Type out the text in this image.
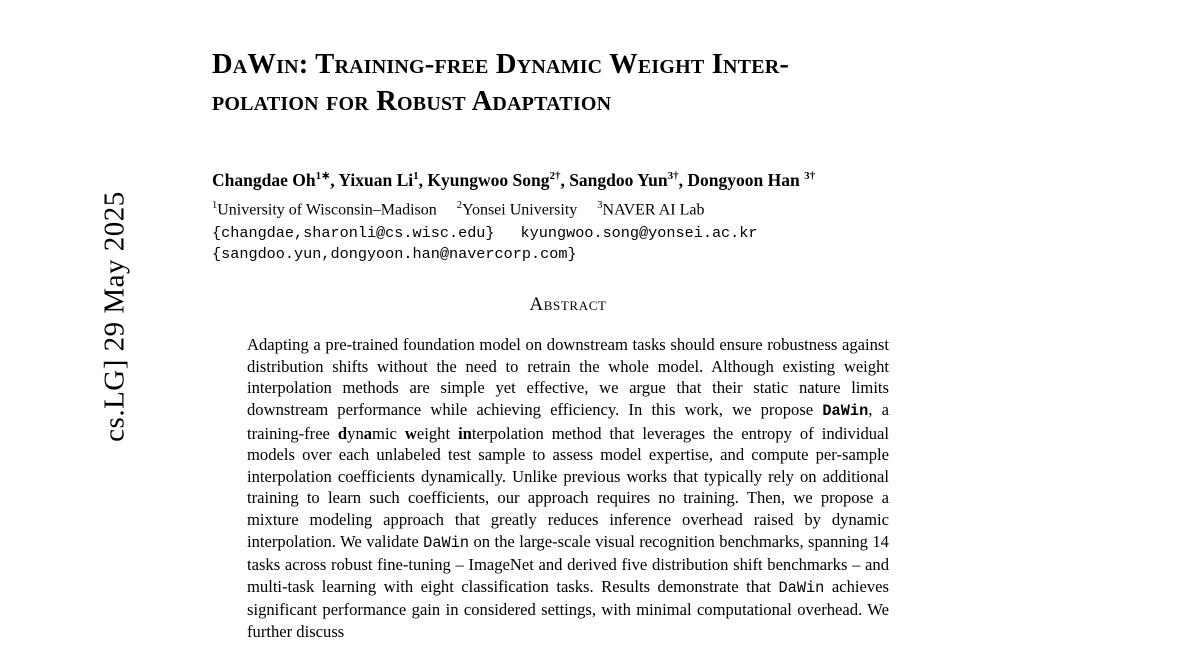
cs.LG] 29 May 2025
DaWin: Training-free Dynamic Weight Inter-
polation for Robust Adaptation
Changdae $Oh^{1∗}$, Yixuan Li$^1$, Kyungwoo Song$^{2\dagger}$, Sangdoo Yun$^{3\dagger}$, Dongyoon Han $^{3\dagger}$
$^1$University of Wisconsin–Madison $^2$Yonsei University $^3$NAVER AI Lab
{changdae,sharonli@cs.wisc.edu} kyungwoo.song@yonsei.ac.kr
{sangdoo.yun,dongyoon.han@navercorp.com}
Abstract
Adapting a pre-trained foundation model on downstream tasks should ensure robustness against distribution shifts without the need to retrain the whole model. Although existing weight interpolation methods are simple yet effective, we argue that their static nature limits downstream performance while achieving efficiency. In this work, we propose DaWin, a training-free dynamic weight interpolation method that leverages the entropy of individual models over each unlabeled test sample to assess model expertise, and compute per-sample interpolation coefficients dynamically. Unlike previous works that typically rely on additional training to learn such coefficients, our approach requires no training. Then, we propose a mixture modeling approach that greatly reduces inference overhead raised by dynamic interpolation. We validate DaWin on the large-scale visual recognition benchmarks, spanning 14 tasks across robust fine-tuning – ImageNet and derived five distribution shift benchmarks – and multi-task learning with eight classification tasks. Results demonstrate that DaWin achieves significant performance gain in considered settings, with minimal computational overhead. We further discuss
